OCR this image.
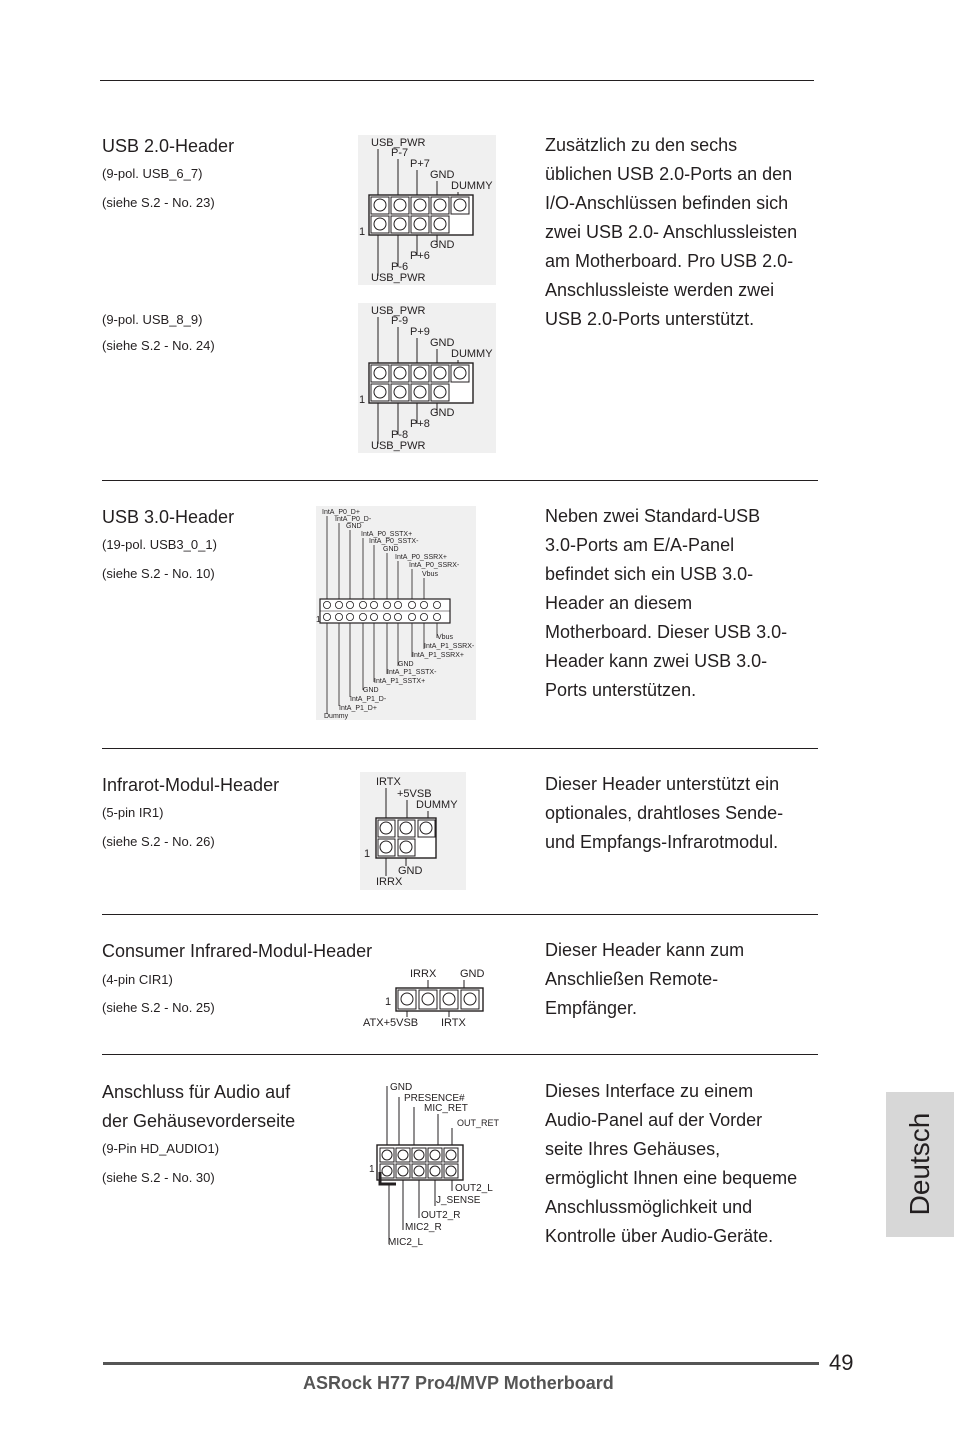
USB 2.0-Header
(9-pol. USB_6_7)
(siehe S.2 - No. 23)
(9-pol. USB_8_9)
(siehe S.2 - No. 24)
USB_PWR
P-7
P+7
GND
DUMMY
1
GND
P+6
P-6
USB_PWR
USB_PWR
P-9
P+9
GND
DUMMY
1
GND
P+8
P-8
USB_PWR
Zusätzlich zu den sechs
üblichen USB 2.0-Ports an den
I/O-Anschlüssen befinden sich
zwei USB 2.0- Anschlussleisten
am Motherboard. Pro USB 2.0-
Anschlussleiste werden zwei
USB 2.0-Ports unterstützt.
USB 3.0-Header
(19-pol. USB3_0_1)
(siehe S.2 - No. 10)
IntA_P0_D+
IntA_P0_D-
GND
IntA_P0_SSTX+
IntA_P0_SSTX-
GND
IntA_P0_SSRX+
IntA_P0_SSRX-
Vbus
1
Vbus
IntA_P1_SSRX-
IntA_P1_SSRX+
GND
IntA_P1_SSTX-
IntA_P1_SSTX+
GND
IntA_P1_D-
IntA_P1_D+
Dummy
Neben zwei Standard-USB
3.0-Ports am E/A-Panel
befindet sich ein USB 3.0-
Header an diesem
Motherboard. Dieser USB 3.0-
Header kann zwei USB 3.0-
Ports unterstützen.
Infrarot-Modul-Header
(5-pin IR1)
(siehe S.2 - No. 26)
IRTX
+5VSB
DUMMY
1
GND
IRRX
Dieser Header unterstützt ein
optionales, drahtloses Sende-
und Empfangs-Infrarotmodul.
Consumer Infrared-Modul-Header
(4-pin CIR1)
(siehe S.2 - No. 25)
IRRX GND
1
ATX+5VSB IRTX
Dieser Header kann zum
Anschließen Remote-
Empfänger.
Anschluss für Audio auf
der Gehäusevorderseite
(9-Pin HD_AUDIO1)
(siehe S.2 - No. 30)
GND
PRESENCE#
MIC_RET
OUT_RET
1
OUT2_L
J_SENSE
OUT2_R
MIC2_R
MIC2_L
Dieses Interface zu einem
Audio-Panel auf der Vorder
seite Ihres Gehäuses,
ermöglicht Ihnen eine bequeme
Anschlussmöglichkeit und
Kontrolle über Audio-Geräte.
Deutsch
49
ASRock H77 Pro4/MVP Motherboard
